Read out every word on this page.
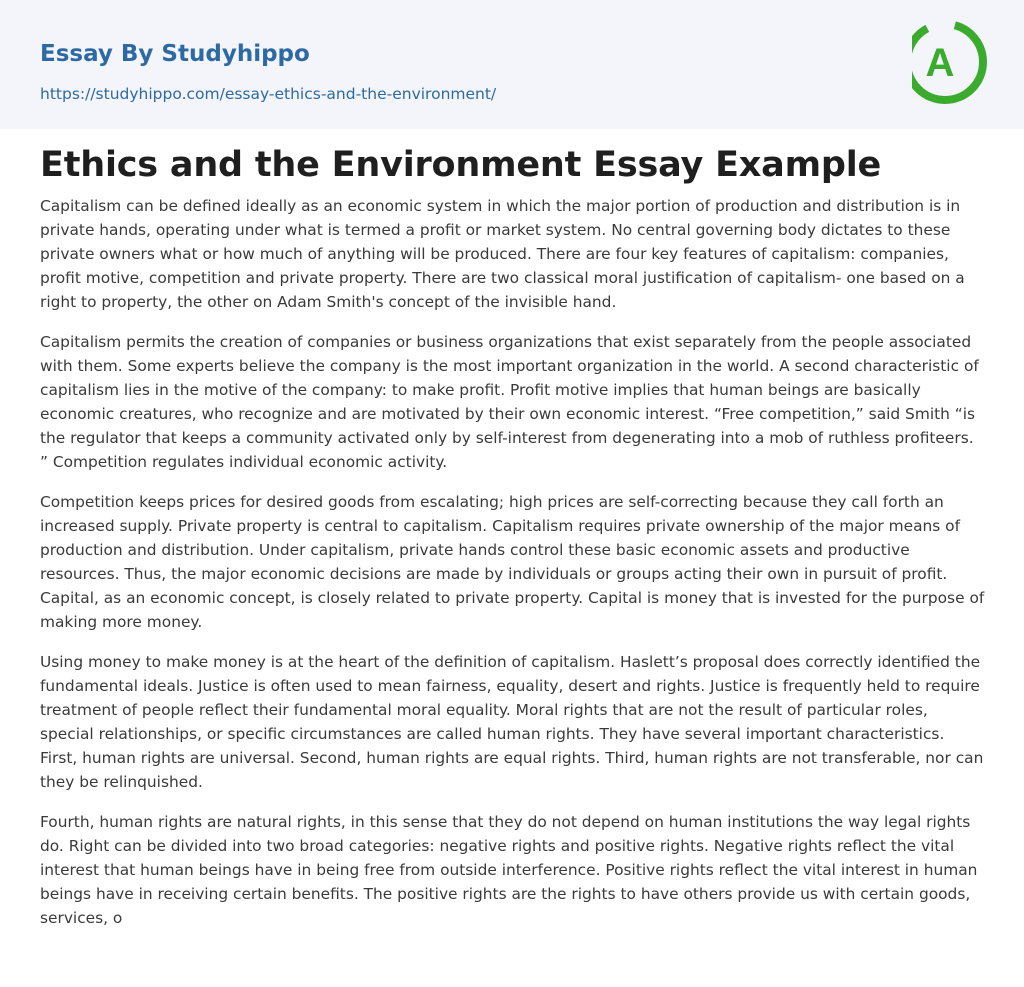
Essay By Studyhippo
https://studyhippo.com/essay-ethics-and-the-environment/
A
Ethics and the Environment Essay Example

Capitalism can be defined ideally as an economic system in which the major portion of production and distribution is in private hands, operating under what is termed a profit or market system. No central governing body dictates to these private owners what or how much of anything will be produced. There are four key features of capitalism: companies, profit motive, competition and private property. There are two classical moral justification of capitalism- one based on a right to property, the other on Adam Smith's concept of the invisible hand.

Capitalism permits the creation of companies or business organizations that exist separately from the people associated with them. Some experts believe the company is the most important organization in the world. A second characteristic of capitalism lies in the motive of the company: to make profit. Profit motive implies that human beings are basically economic creatures, who recognize and are motivated by their own economic interest. “Free competition,” said Smith “is the regulator that keeps a community activated only by self-interest from degenerating into a mob of ruthless profiteers. ” Competition regulates individual economic activity.

Competition keeps prices for desired goods from escalating; high prices are self-correcting because they call forth an increased supply. Private property is central to capitalism. Capitalism requires private ownership of the major means of production and distribution. Under capitalism, private hands control these basic economic assets and productive resources. Thus, the major economic decisions are made by individuals or groups acting their own in pursuit of profit. Capital, as an economic concept, is closely related to private property. Capital is money that is invested for the purpose of making more money.

Using money to make money is at the heart of the definition of capitalism. Haslett’s proposal does correctly identified the fundamental ideals. Justice is often used to mean fairness, equality, desert and rights. Justice is frequently held to require treatment of people reflect their fundamental moral equality. Moral rights that are not the result of particular roles, special relationships, or specific circumstances are called human rights. They have several important characteristics. First, human rights are universal. Second, human rights are equal rights. Third, human rights are not transferable, nor can they be relinquished.

Fourth, human rights are natural rights, in this sense that they do not depend on human institutions the way legal rights do. Right can be divided into two broad categories: negative rights and positive rights. Negative rights reflect the vital interest that human beings have in being free from outside interference. Positive rights reflect the vital interest in human beings have in receiving certain benefits. The positive rights are the rights to have others provide us with certain goods, services, o
